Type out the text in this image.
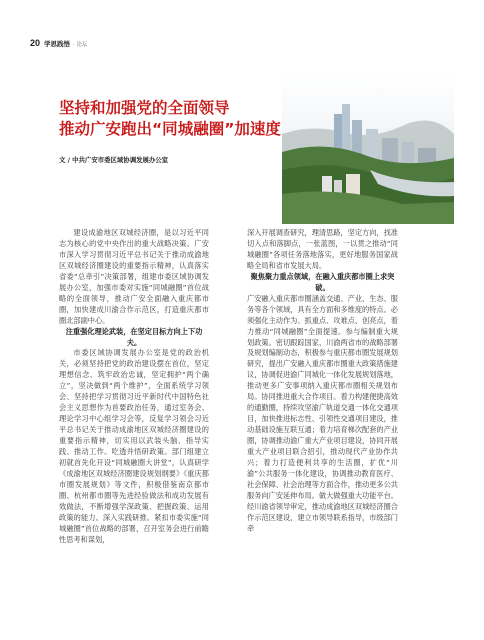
20 学思践悟 · 论坛
坚持和加强党的全面领导
推动广安跑出“同城融圈”加速度
文 / 中共广安市委区域协调发展办公室

建设成渝地区双城经济圈，是以习近平同志为核心的党中央作出的重大战略决策。广安市深入学习贯彻习近平总书记关于推动成渝地区双城经济圈建设的重要指示精神，认真落实省委“总牵引”决策部署，组建市委区域协调发展办公室，加强市委对实施“同城融圈”首位战略的全面领导，推动广安全面融入重庆都市圈，加快建成川渝合作示范区，打造重庆都市圈北部副中心。

注重强化理论武装，在坚定目标方向上下功夫。

市委区域协调发展办公室是党的政治机关，必须坚持把党的政治建设摆在首位，坚定理想信念、筑牢政治忠诚，坚定拥护“两个确立”，坚决做到“两个维护”，全面系统学习领会、坚持把学习贯彻习近平新时代中国特色社会主义思想作为首要政治任务，通过室务会、理论学习中心组学习会等，反复学习领会习近平总书记关于推动成渝地区双城经济圈建设的重要指示精神，切实用以武装头脑、指导实践、推动工作。吃透并悟研政策。部门组建立初就首先化开设“同城融圈大讲堂”，认真研学《成渝地区双城经济圈建设规划纲要》《重庆都市圈发展规划》等文件，积极借鉴南京都市圈、杭州都市圈等先进经验做法和成功发展有效做法，不断增强学深政策、把握政策、运用政策的能力。深入实践研推。紧扣市委实施“同城融圈”首位战略的部署，召开室务会进行前瞻性思考和谋划，

深入开展调查研究，理清思路，坚定方向，找准切入点和落脚点，一张蓝图，一以贯之推动“同城融圈”各项任务落地落实，更好地服务国家战略全局和省市发展大局。

聚焦聚力重点领域，在融入重庆都市圈上求突破。

广安融入重庆都市圈涵盖交通、产业、生态、服务等各个领域，具有全方面和多维度的特点。必须强化主动作为、抓重点、攻难点、创亮点，着力推动“同城融圈”全面提速。参与编制重大规划政策。密切跟踪国家、川渝两省市的战略部署及规划编制动态，积极参与重庆都市圈发展规划研究，提出广安融入重庆都市圈重大政策措施建议，协调促进渝广同城化一体化发展规划落地，推动更多广安事项纳入重庆都市圈相关规划布局。协同推进重大合作项目。着力构建便捷高效的通勤圈，持续攻坚渝广轨道交通一体化交通项目，加快推进标志性、引领性交通项目建设，推动基础设施互联互通；着力培育梯次配套的产业圈，协调推动渝广重大产业项目建设，协同开展重大产业项目联合招引，推动现代产业协作共兴；着力打造便利共享的生活圈，扩优“川渝”公共服务一体化建设，协调推动教育医疗、社会保障、社会治理等方面合作，推动更多公共服务向广安延伸布局。做大做强重大功能平台。经川渝省领导审定，推动成渝地区双城经济圈合作示范区建设，建立市领导联系指导，市级部门牵
